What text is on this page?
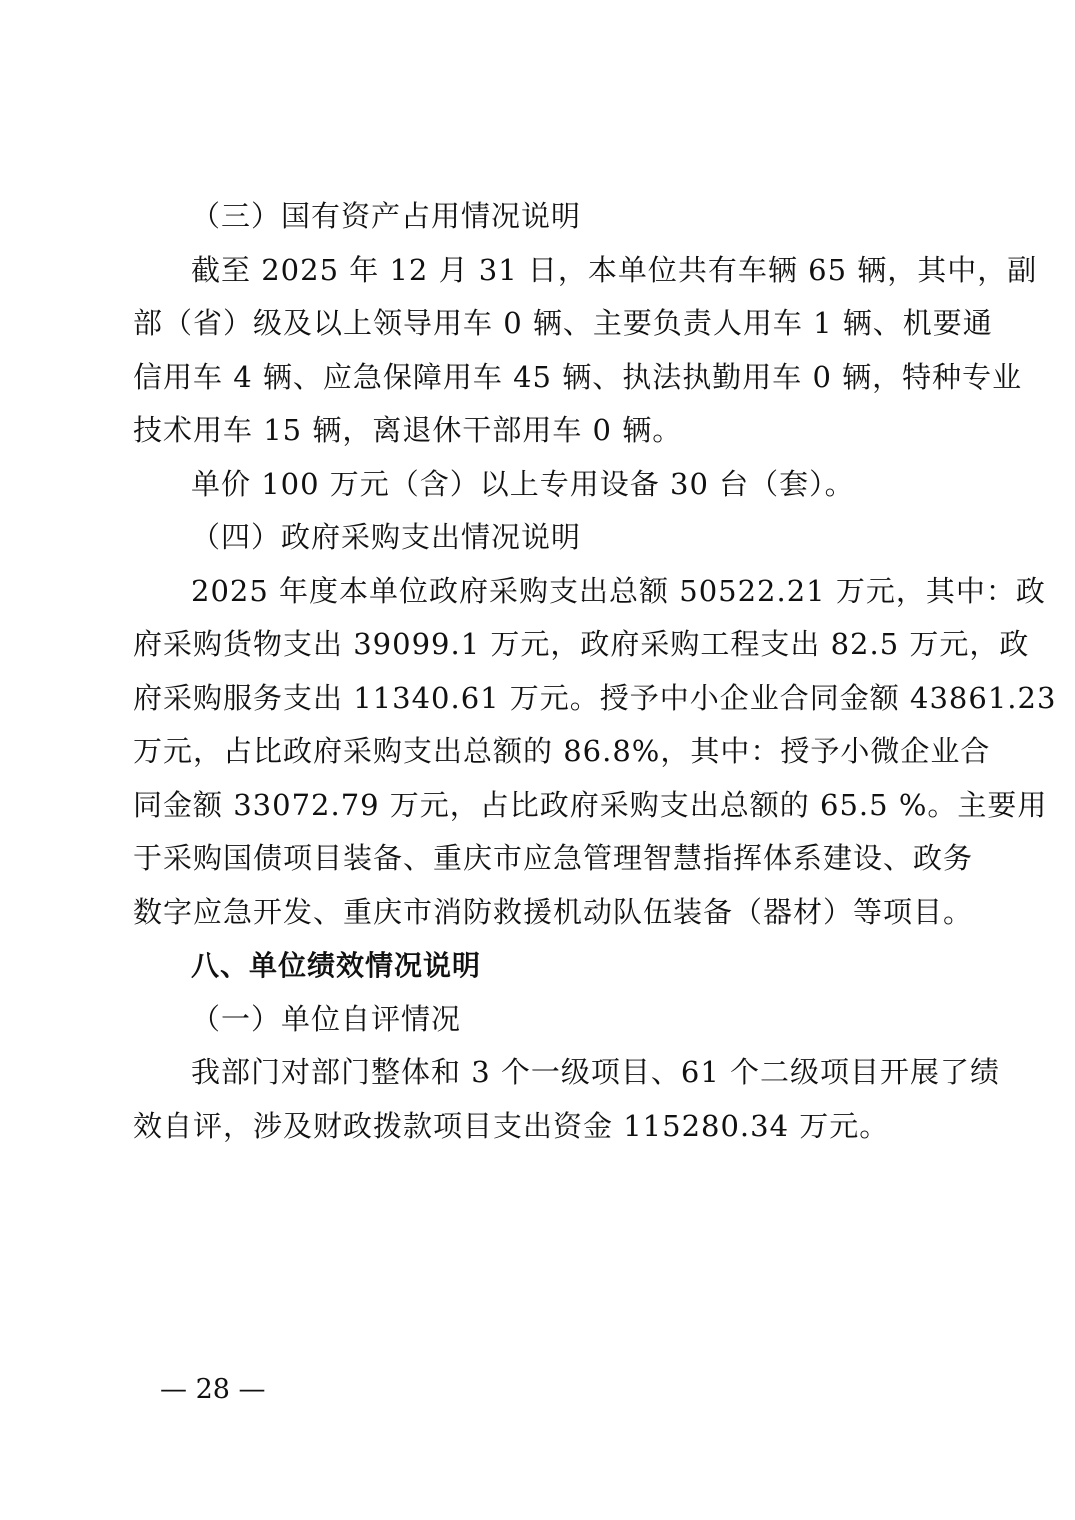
（三）国有资产占用情况说明

截至 2025 年 12 月 31 日，本单位共有车辆 65 辆，其中，副

部（省）级及以上领导用车 0 辆、主要负责人用车 1 辆、机要通

信用车 4 辆、应急保障用车 45 辆、执法执勤用车 0 辆，特种专业

技术用车 15 辆，离退休干部用车 0 辆。

单价 100 万元（含）以上专用设备 30 台（套）。

（四）政府采购支出情况说明

2025 年度本单位政府采购支出总额 50522.21 万元，其中：政

府采购货物支出 39099.1 万元，政府采购工程支出 82.5 万元，政

府采购服务支出 11340.61 万元。授予中小企业合同金额 43861.23

万元，占比政府采购支出总额的 86.8%，其中：授予小微企业合

同金额 33072.79 万元，占比政府采购支出总额的 65.5 %。主要用

于采购国债项目装备、重庆市应急管理智慧指挥体系建设、政务

数字应急开发、重庆市消防救援机动队伍装备（器材）等项目。

八、单位绩效情况说明

（一）单位自评情况

我部门对部门整体和 3 个一级项目、61 个二级项目开展了绩

效自评，涉及财政拨款项目支出资金 115280.34 万元。

— 28 —
